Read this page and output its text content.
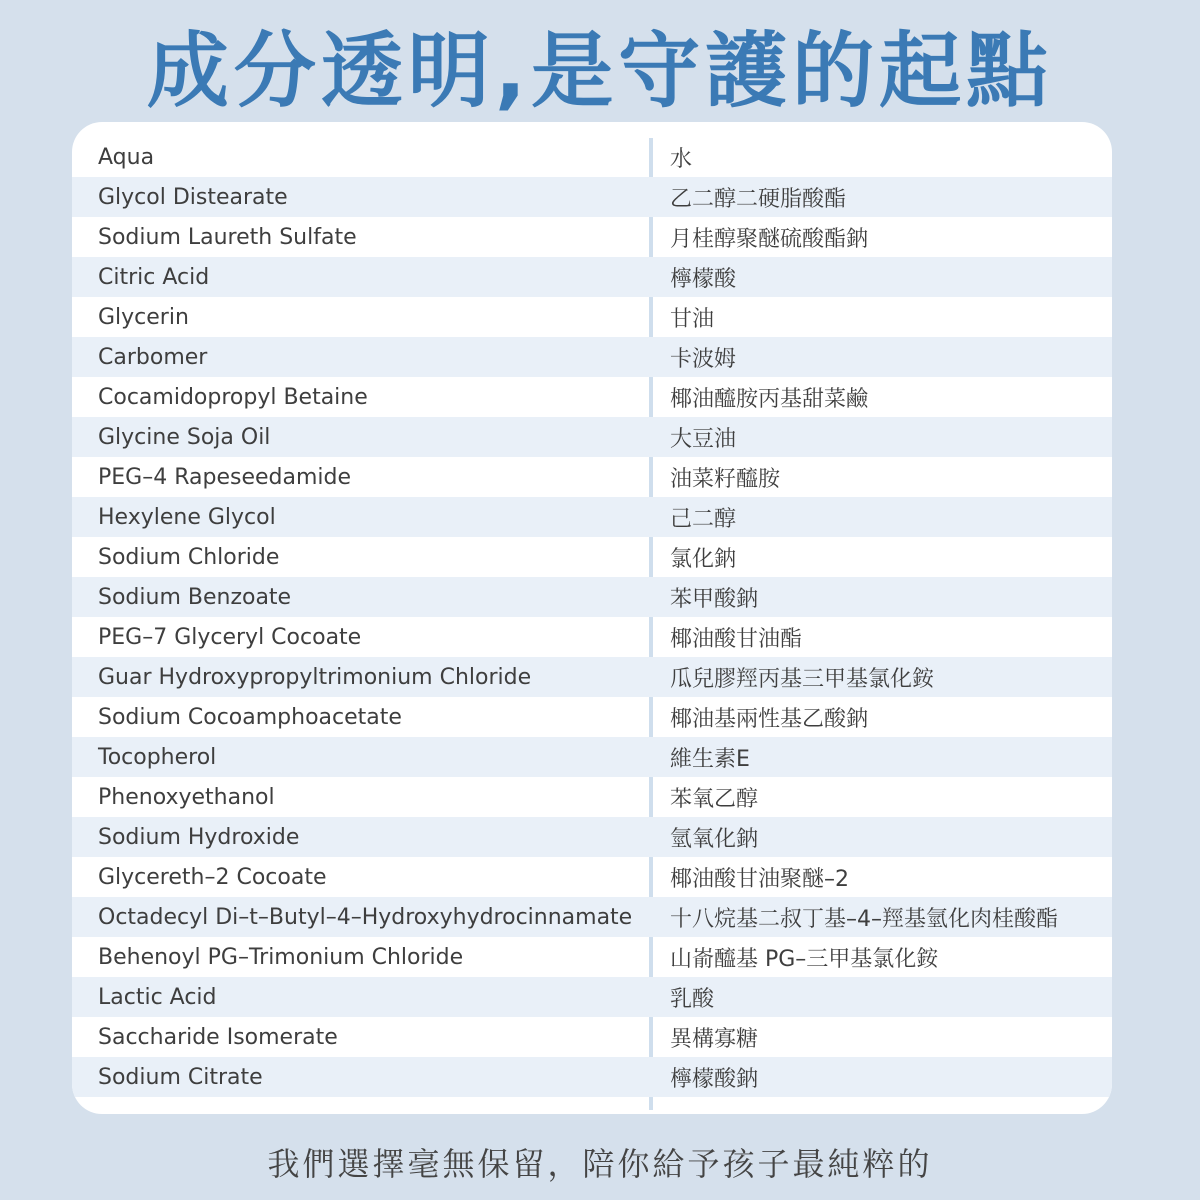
成分透明,是守護的起點
Aqua	水
Glycol Distearate	乙二醇二硬脂酸酯
Sodium Laureth Sulfate	月桂醇聚醚硫酸酯鈉
Citric Acid	檸檬酸
Glycerin	甘油
Carbomer	卡波姆
Cocamidopropyl Betaine	椰油醯胺丙基甜菜鹼
Glycine Soja Oil	大豆油
PEG–4 Rapeseedamide	油菜籽醯胺
Hexylene Glycol	己二醇
Sodium Chloride	氯化鈉
Sodium Benzoate	苯甲酸鈉
PEG–7 Glyceryl Cocoate	椰油酸甘油酯
Guar Hydroxypropyltrimonium Chloride	瓜兒膠羥丙基三甲基氯化銨
Sodium Cocoamphoacetate	椰油基兩性基乙酸鈉
Tocopherol	維生素E
Phenoxyethanol	苯氧乙醇
Sodium Hydroxide	氫氧化鈉
Glycereth–2 Cocoate	椰油酸甘油聚醚–2
Octadecyl Di–t–Butyl–4–Hydroxyhydrocinnamate	十八烷基二叔丁基–4–羥基氫化肉桂酸酯
Behenoyl PG–Trimonium Chloride	山嵛醯基 PG–三甲基氯化銨
Lactic Acid	乳酸
Saccharide Isomerate	異構寡糖
Sodium Citrate	檸檬酸鈉
我們選擇毫無保留，陪你給予孩子最純粹的
